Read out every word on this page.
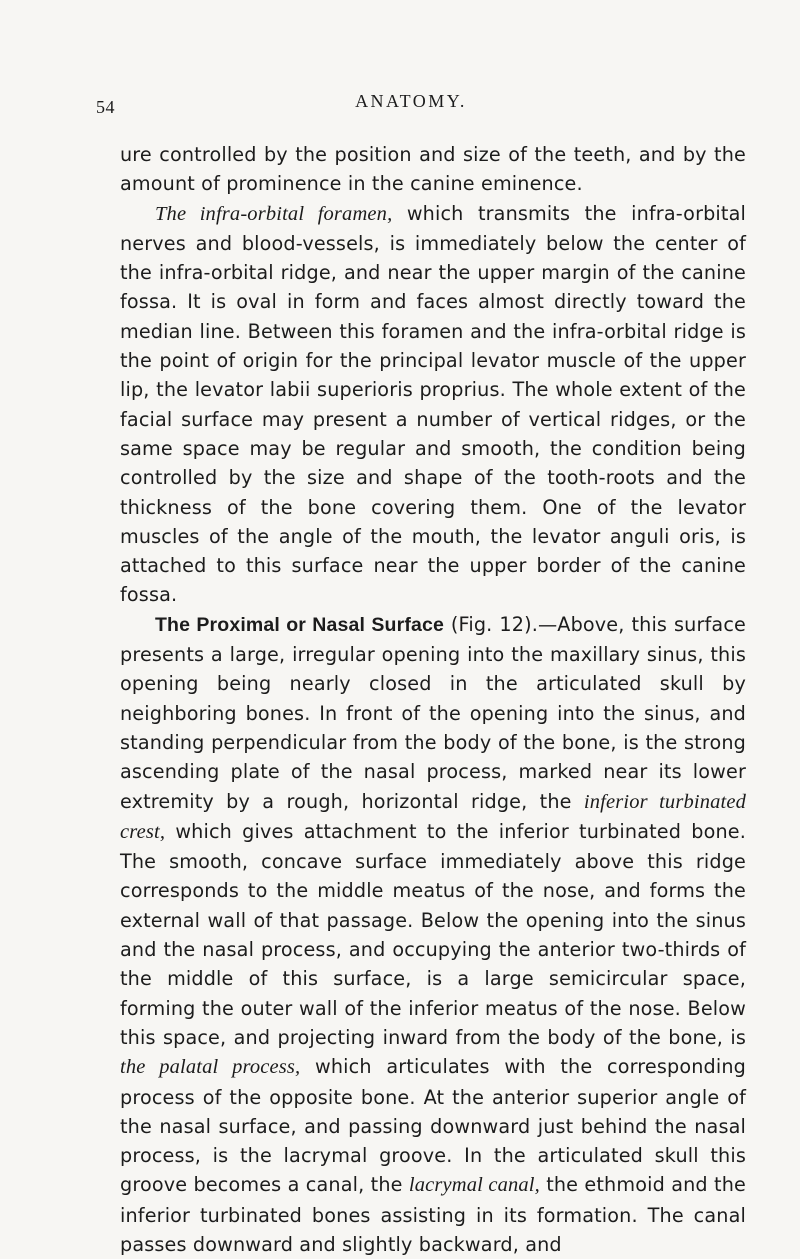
54	ANATOMY.

ure controlled by the position and size of the teeth, and by the amount of prominence in the canine eminence.

The infra-orbital foramen, which transmits the infra-orbital nerves and blood-vessels, is immediately below the center of the infra-orbital ridge, and near the upper margin of the canine fossa. It is oval in form and faces almost directly toward the median line. Between this foramen and the infra-orbital ridge is the point of origin for the principal levator muscle of the upper lip, the levator labii superioris proprius. The whole extent of the facial surface may present a number of vertical ridges, or the same space may be regular and smooth, the condition being controlled by the size and shape of the tooth-roots and the thickness of the bone covering them. One of the levator muscles of the angle of the mouth, the levator anguli oris, is attached to this surface near the upper border of the canine fossa.

The Proximal or Nasal Surface (Fig. 12).—Above, this surface presents a large, irregular opening into the maxillary sinus, this opening being nearly closed in the articulated skull by neighboring bones. In front of the opening into the sinus, and standing perpendicular from the body of the bone, is the strong ascending plate of the nasal process, marked near its lower extremity by a rough, horizontal ridge, the inferior turbinated crest, which gives attachment to the inferior turbinated bone. The smooth, concave surface immediately above this ridge corresponds to the middle meatus of the nose, and forms the external wall of that passage. Below the opening into the sinus and the nasal process, and occupying the anterior two-thirds of the middle of this surface, is a large semicircular space, forming the outer wall of the inferior meatus of the nose. Below this space, and projecting inward from the body of the bone, is the palatal process, which articulates with the corresponding process of the opposite bone. At the anterior superior angle of the nasal surface, and passing downward just behind the nasal process, is the lacrymal groove. In the articulated skull this groove becomes a canal, the lacrymal canal, the ethmoid and the inferior turbinated bones assisting in its formation. The canal passes downward and slightly backward, and
